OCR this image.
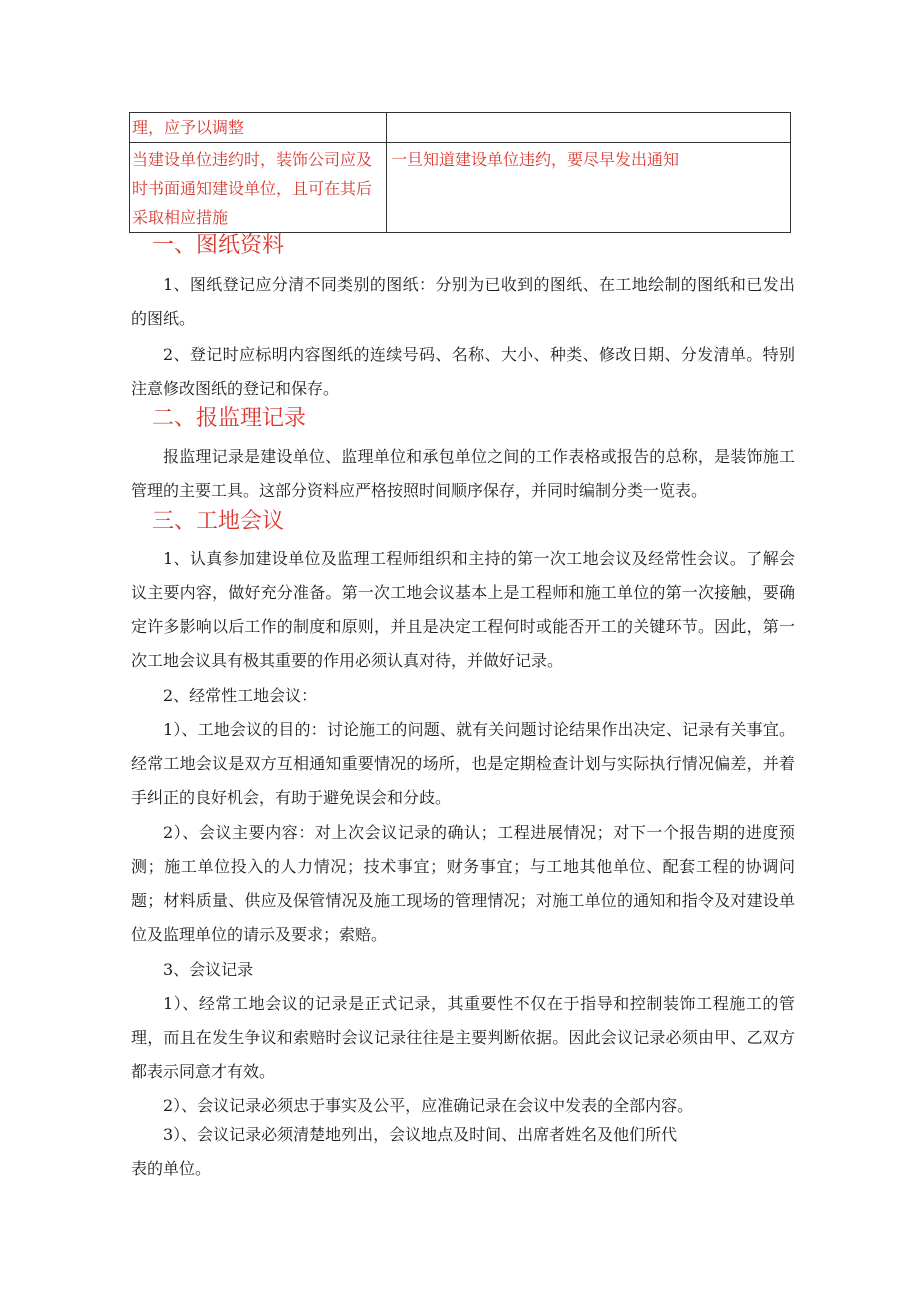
理，应予以调整	
当建设单位违约时，装饰公司应及时书面通知建设单位，且可在其后采取相应措施	一旦知道建设单位违约，要尽早发出通知
一、图纸资料
1、图纸登记应分清不同类别的图纸：分别为已收到的图纸、在工地绘制的图纸和已发出的图纸。
2、登记时应标明内容图纸的连续号码、名称、大小、种类、修改日期、分发清单。特别注意修改图纸的登记和保存。
二、报监理记录
报监理记录是建设单位、监理单位和承包单位之间的工作表格或报告的总称，是装饰施工管理的主要工具。这部分资料应严格按照时间顺序保存，并同时编制分类一览表。
三、工地会议
1、认真参加建设单位及监理工程师组织和主持的第一次工地会议及经常性会议。了解会议主要内容，做好充分准备。第一次工地会议基本上是工程师和施工单位的第一次接触，要确定许多影响以后工作的制度和原则，并且是决定工程何时或能否开工的关键环节。因此，第一次工地会议具有极其重要的作用必须认真对待，并做好记录。
2、经常性工地会议：
1）、工地会议的目的：讨论施工的问题、就有关问题讨论结果作出决定、记录有关事宜。经常工地会议是双方互相通知重要情况的场所，也是定期检查计划与实际执行情况偏差，并着手纠正的良好机会，有助于避免误会和分歧。
2）、会议主要内容：对上次会议记录的确认；工程进展情况；对下一个报告期的进度预测；施工单位投入的人力情况；技术事宜；财务事宜；与工地其他单位、配套工程的协调问题；材料质量、供应及保管情况及施工现场的管理情况；对施工单位的通知和指令及对建设单位及监理单位的请示及要求；索赔。
3、会议记录
1）、经常工地会议的记录是正式记录，其重要性不仅在于指导和控制装饰工程施工的管理，而且在发生争议和索赔时会议记录往往是主要判断依据。因此会议记录必须由甲、乙双方都表示同意才有效。
2）、会议记录必须忠于事实及公平，应准确记录在会议中发表的全部内容。
3）、会议记录必须清楚地列出，会议地点及时间、出席者姓名及他们所代
表的单位。
